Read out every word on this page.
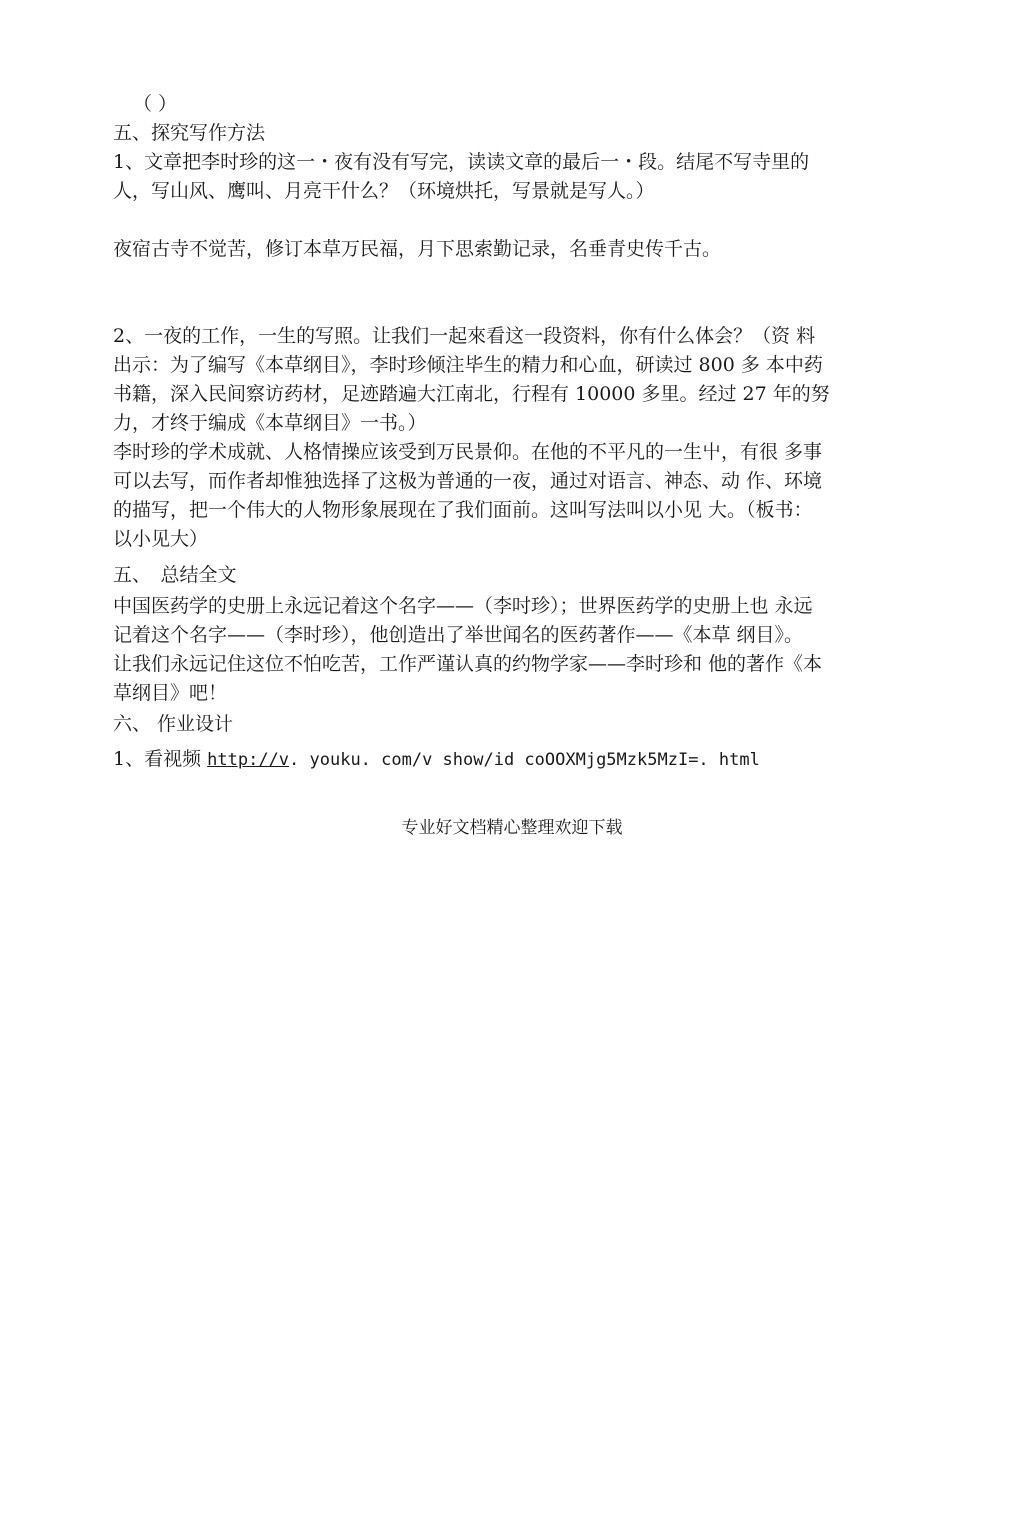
（ ）
五、探究写作方法
1、文章把李时珍的这一・夜有没有写完，读读文章的最后一・段。结尾不写寺里的
人，写山风、鹰叫、月亮干什么？（环境烘托，写景就是写人。）
夜宿古寺不觉苦，修订本草万民福，月下思索勤记录，名垂青史传千古。
2、一夜的工作，一生的写照。让我们一起來看这一段资料，你有什么体会？（资 料
出示：为了编写《本草纲目》，李时珍倾注毕生的精力和心血，研读过 800 多 本中药
书籍，深入民间察访药材，足迹踏遍大江南北，行程有 10000 多里。经过 27 年的努
力，才终于编成《本草纲目》一书。）
李时珍的学术成就、人格情操应该受到万民景仰。在他的不平凡的一生屮，有很 多事
可以去写，而作者却惟独选择了这极为普通的一夜，通过对语言、神态、动 作、环境
的描写，把一个伟大的人物形象展现在了我们面前。这叫写法叫以小见 大。（板书：
以小见大）
五、　总结全文
中国医药学的史册上永远记着这个名字——（李吋珍）；世界医药学的史册上也 永远
记着这个名字——（李时珍），他创造出了举世闻名的医药著作——《本草 纲目》。
让我们永远记住这位不怕吃苦，工作严谨认真的约物学家——李时珍和 他的著作《本
草纲目》吧！
六、 作业设计
1、看视频 http://v. youku. com/v show/id coOOXMjg5Mzk5MzI=. html
专业好文档精心整理欢迎下载
